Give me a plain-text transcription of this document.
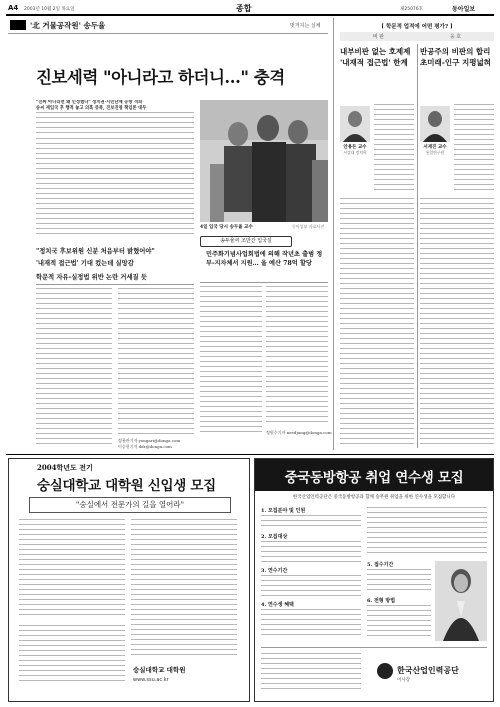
A4 2003년 10월 2일 목요일	종합	제25076호	동아일보
'北 거물공작원' 송두율	벗겨지는 실체
진보세력 "아니라고 하더니…" 충격
"진짜 아니라면 왜 인정했나" 정치권·시민단체 공방 격화
송씨 재입국 후 행적 놓고 의혹 증폭, 진보진영 책임론 대두
4일 입국 당시 송두율 교수	동아일보 자료사진
"정치국 후보위원 신분 처음부터 밝혔어야"
'내재적 접근법' 기대 컸는데 실망감
학문적 자유-실정법 위반 논란 거세질 듯
정용관기자 yongari@donga.com
이승헌기자 ddr@donga.com
송두율씨 조만간 입국설
민주화기념사업회법에 의해 작년초 출범 정부-지자체서 지원… 올 예산 78억 할당
정원수기자 needjung@donga.com
[ 학문적 업적에 어떤 평가? ]
비 판	옹 호
내부비판 없는 호제제 '내재적 접근법' 한계
반공주의 비판의 합리 초미래-인구 지평넓혀
안용돈 교수
서강대 정치학
서재진 교수
통일연구원
2004학년도 전기
숭실대학교 대학원 신입생 모집
"숭실에서 전문가의 길을 열어라"
숭실대학교 대학원
www.ssu.ac.kr
중국동방항공 취업 연수생 모집
한국산업인력공단은 중국동방항공과 함께 승무원 취업을 위한 연수생을 모집합니다
1. 모집분야 및 인원
2. 모집대상
3. 연수기간
4. 연수생 혜택
5. 접수기간
6. 전형 방법
한국산업인력공단
이사장
